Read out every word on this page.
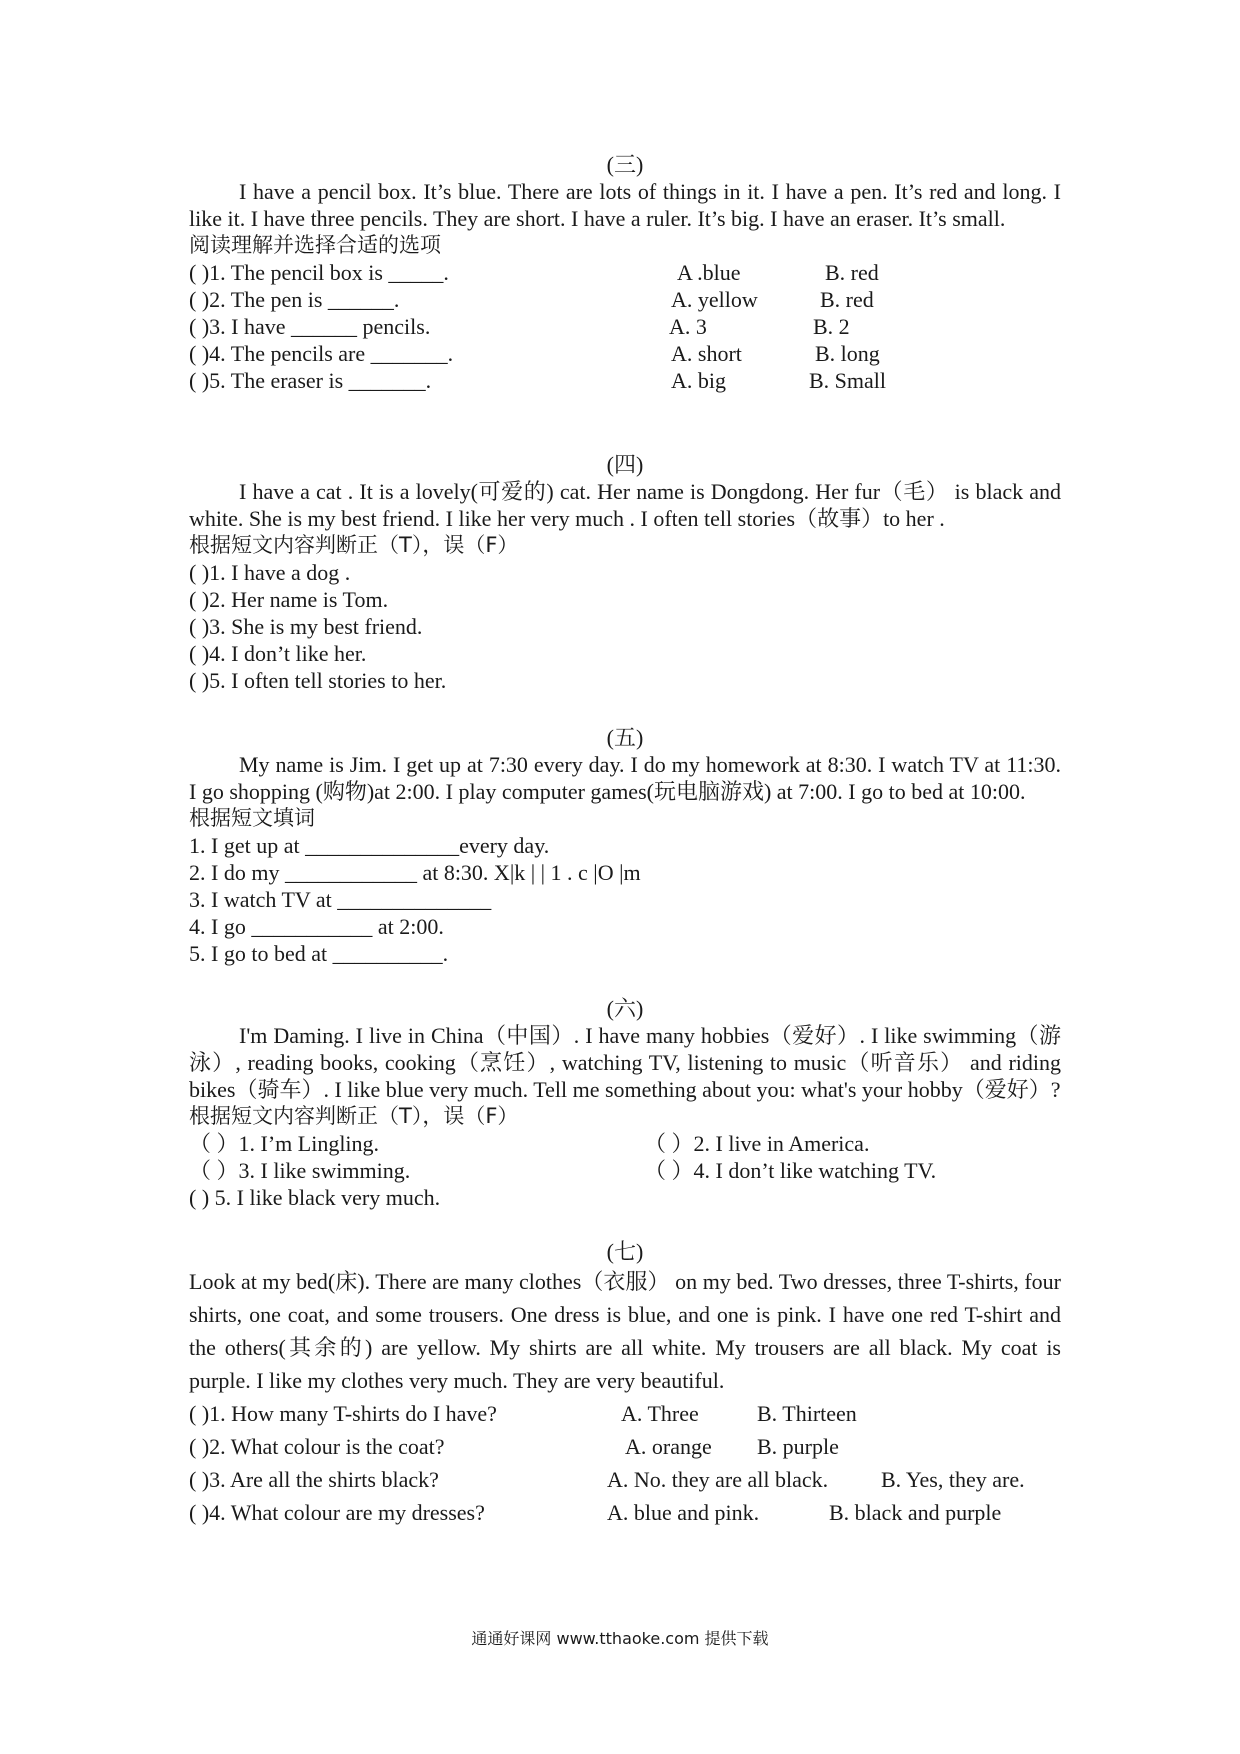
(三)
I have a pencil box. It’s blue. There are lots of things in it. I have a pen. It’s red and long. I like it. I have three pencils. They are short. I have a ruler. It’s big. I have an eraser. It’s small.
阅读理解并选择合适的选项
( )1. The pencil box is _____.	A .blue	B. red
( )2. The pen is ______.	A. yellow	B. red
( )3. I have ______ pencils.	A. 3	B. 2
( )4. The pencils are _______.	A. short	B. long
( )5. The eraser is _______.	A. big	B. Small
(四)
I have a cat . It is a lovely(可爱的) cat. Her name is Dongdong. Her fur（毛） is black and white. She is my best friend. I like her very much . I often tell stories（故事）to her .
根据短文内容判断正（T），误（F）
( )1. I have a dog .
( )2. Her name is Tom.
( )3. She is my best friend.
( )4. I don’t like her.
( )5. I often tell stories to her.
(五)
My name is Jim. I get up at 7:30 every day. I do my homework at 8:30. I watch TV at 11:30. I go shopping (购物)at 2:00. I play computer games(玩电脑游戏) at 7:00. I go to bed at 10:00.
根据短文填词
1. I get up at ______________every day.
2. I do my ____________ at 8:30. X|k | | 1 . c |O |m
3. I watch TV at ______________
4. I go ___________ at 2:00.
5. I go to bed at __________.
(六)
I'm Daming. I live in China（中国）. I have many hobbies（爱好）. I like swimming（游泳）, reading books, cooking（烹饪）, watching TV, listening to music（听音乐） and riding bikes（骑车）. I like blue very much. Tell me something about you: what's your hobby（爱好）?
根据短文内容判断正（T），误（F）
（ ）1. I’m Lingling.	（ ）2. I live in America.
（ ）3. I like swimming.	（ ）4. I don’t like watching TV.
( ) 5. I like black very much.
(七)
Look at my bed(床). There are many clothes（衣服） on my bed. Two dresses, three T-shirts, four shirts, one coat, and some trousers. One dress is blue, and one is pink. I have one red T-shirt and the others(其余的) are yellow. My shirts are all white. My trousers are all black. My coat is purple. I like my clothes very much. They are very beautiful.
( )1. How many T-shirts do I have?	A. Three	B. Thirteen
( )2. What colour is the coat?	A. orange B. purple
( )3. Are all the shirts black?	A. No. they are all black. B. Yes, they are.
( )4. What colour are my dresses?	A. blue and pink.	B. black and purple
通通好课网 www.tthaoke.com 提供下载
